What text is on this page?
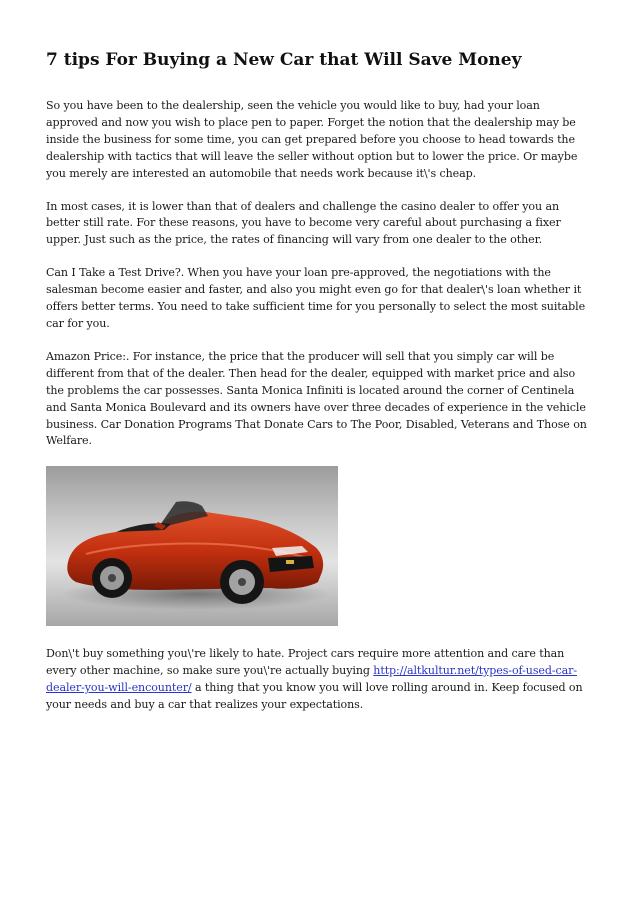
7 tips For Buying a New Car that Will Save Money

So you have been to the dealership, seen the vehicle you would like to buy, had your loan approved and now you wish to place pen to paper. Forget the notion that the dealership may be inside the business for some time, you can get prepared before you choose to head towards the dealership with tactics that will leave the seller without option but to lower the price. Or maybe you merely are interested an automobile that needs work because it\'s cheap.

In most cases, it is lower than that of dealers and challenge the casino dealer to offer you an better still rate. For these reasons, you have to become very careful about purchasing a fixer upper. Just such as the price, the rates of financing will vary from one dealer to the other.

Can I Take a Test Drive?. When you have your loan pre-approved, the negotiations with the salesman become easier and faster, and also you might even go for that dealer\'s loan whether it offers better terms. You need to take sufficient time for you personally to select the most suitable car for you.

Amazon Price:. For instance, the price that the producer will sell that you simply car will be different from that of the dealer. Then head for the dealer, equipped with market price and also the problems the car possesses. Santa Monica Infiniti is located around the corner of Centinela and Santa Monica Boulevard and its owners have over three decades of experience in the vehicle business. Car Donation Programs That Donate Cars to The Poor, Disabled, Veterans and Those on Welfare.

Don\'t buy something you\'re likely to hate. Project cars require more attention and care than every other machine, so make sure you\'re actually buying http://altkultur.net/types-of-used-car-dealer-you-will-encounter/ a thing that you know you will love rolling around in. Keep focused on your needs and buy a car that realizes your expectations.
